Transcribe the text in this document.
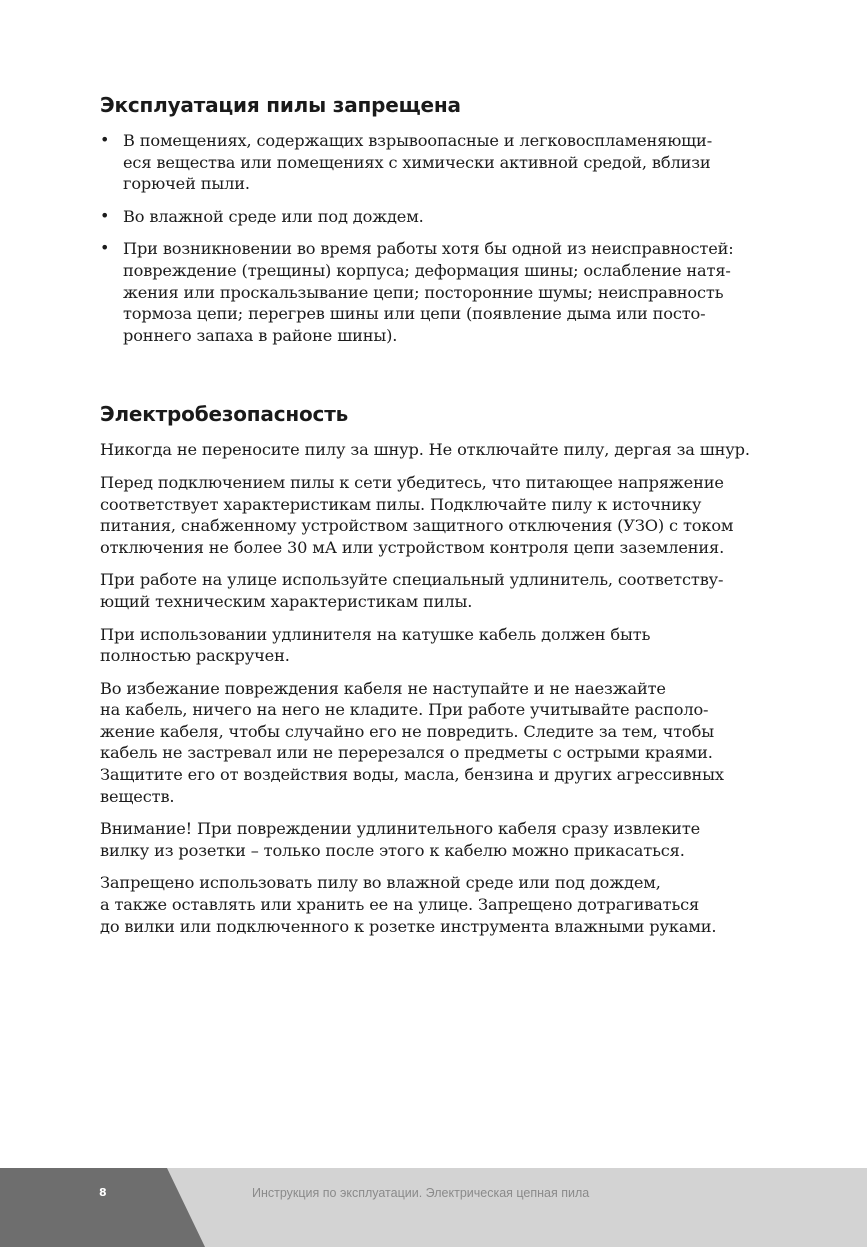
Эксплуатация пилы запрещена
• В помещениях, содержащих взрывоопасные и легковоспламеняющи-
еся вещества или помещениях с химически активной средой, вблизи
горючей пыли.
• Во влажной среде или под дождем.
• При возникновении во время работы хотя бы одной из неисправностей:
повреждение (трещины) корпуса; деформация шины; ослабление натя-
жения или проскальзывание цепи; посторонние шумы; неисправность
тормоза цепи; перегрев шины или цепи (появление дыма или посто-
роннего запаха в районе шины).
Электробезопасность

Никогда не переносите пилу за шнур. Не отключайте пилу, дергая за шнур.

Перед подключением пилы к сети убедитесь, что питающее напряжение
соответствует характеристикам пилы. Подключайте пилу к источнику
питания, снабженному устройством защитного отключения (УЗО) с током
отключения не более 30 мА или устройством контроля цепи заземления.

При работе на улице используйте специальный удлинитель, соответству-
ющий техническим характеристикам пилы.

При использовании удлинителя на катушке кабель должен быть
полностью раскручен.

Во избежание повреждения кабеля не наступайте и не наезжайте
на кабель, ничего на него не кладите. При работе учитывайте располо-
жение кабеля, чтобы случайно его не повредить. Следите за тем, чтобы
кабель не застревал или не перерезался о предметы с острыми краями.
Защитите его от воздействия воды, масла, бензина и других агрессивных
веществ.

Внимание! При повреждении удлинительного кабеля сразу извлеките
вилку из розетки – только после этого к кабелю можно прикасаться.

Запрещено использовать пилу во влажной среде или под дождем,
а также оставлять или хранить ее на улице. Запрещено дотрагиваться
до вилки или подключенного к розетке инструмента влажными руками.

8	Инструкция по эксплуатации. Электрическая цепная пила
